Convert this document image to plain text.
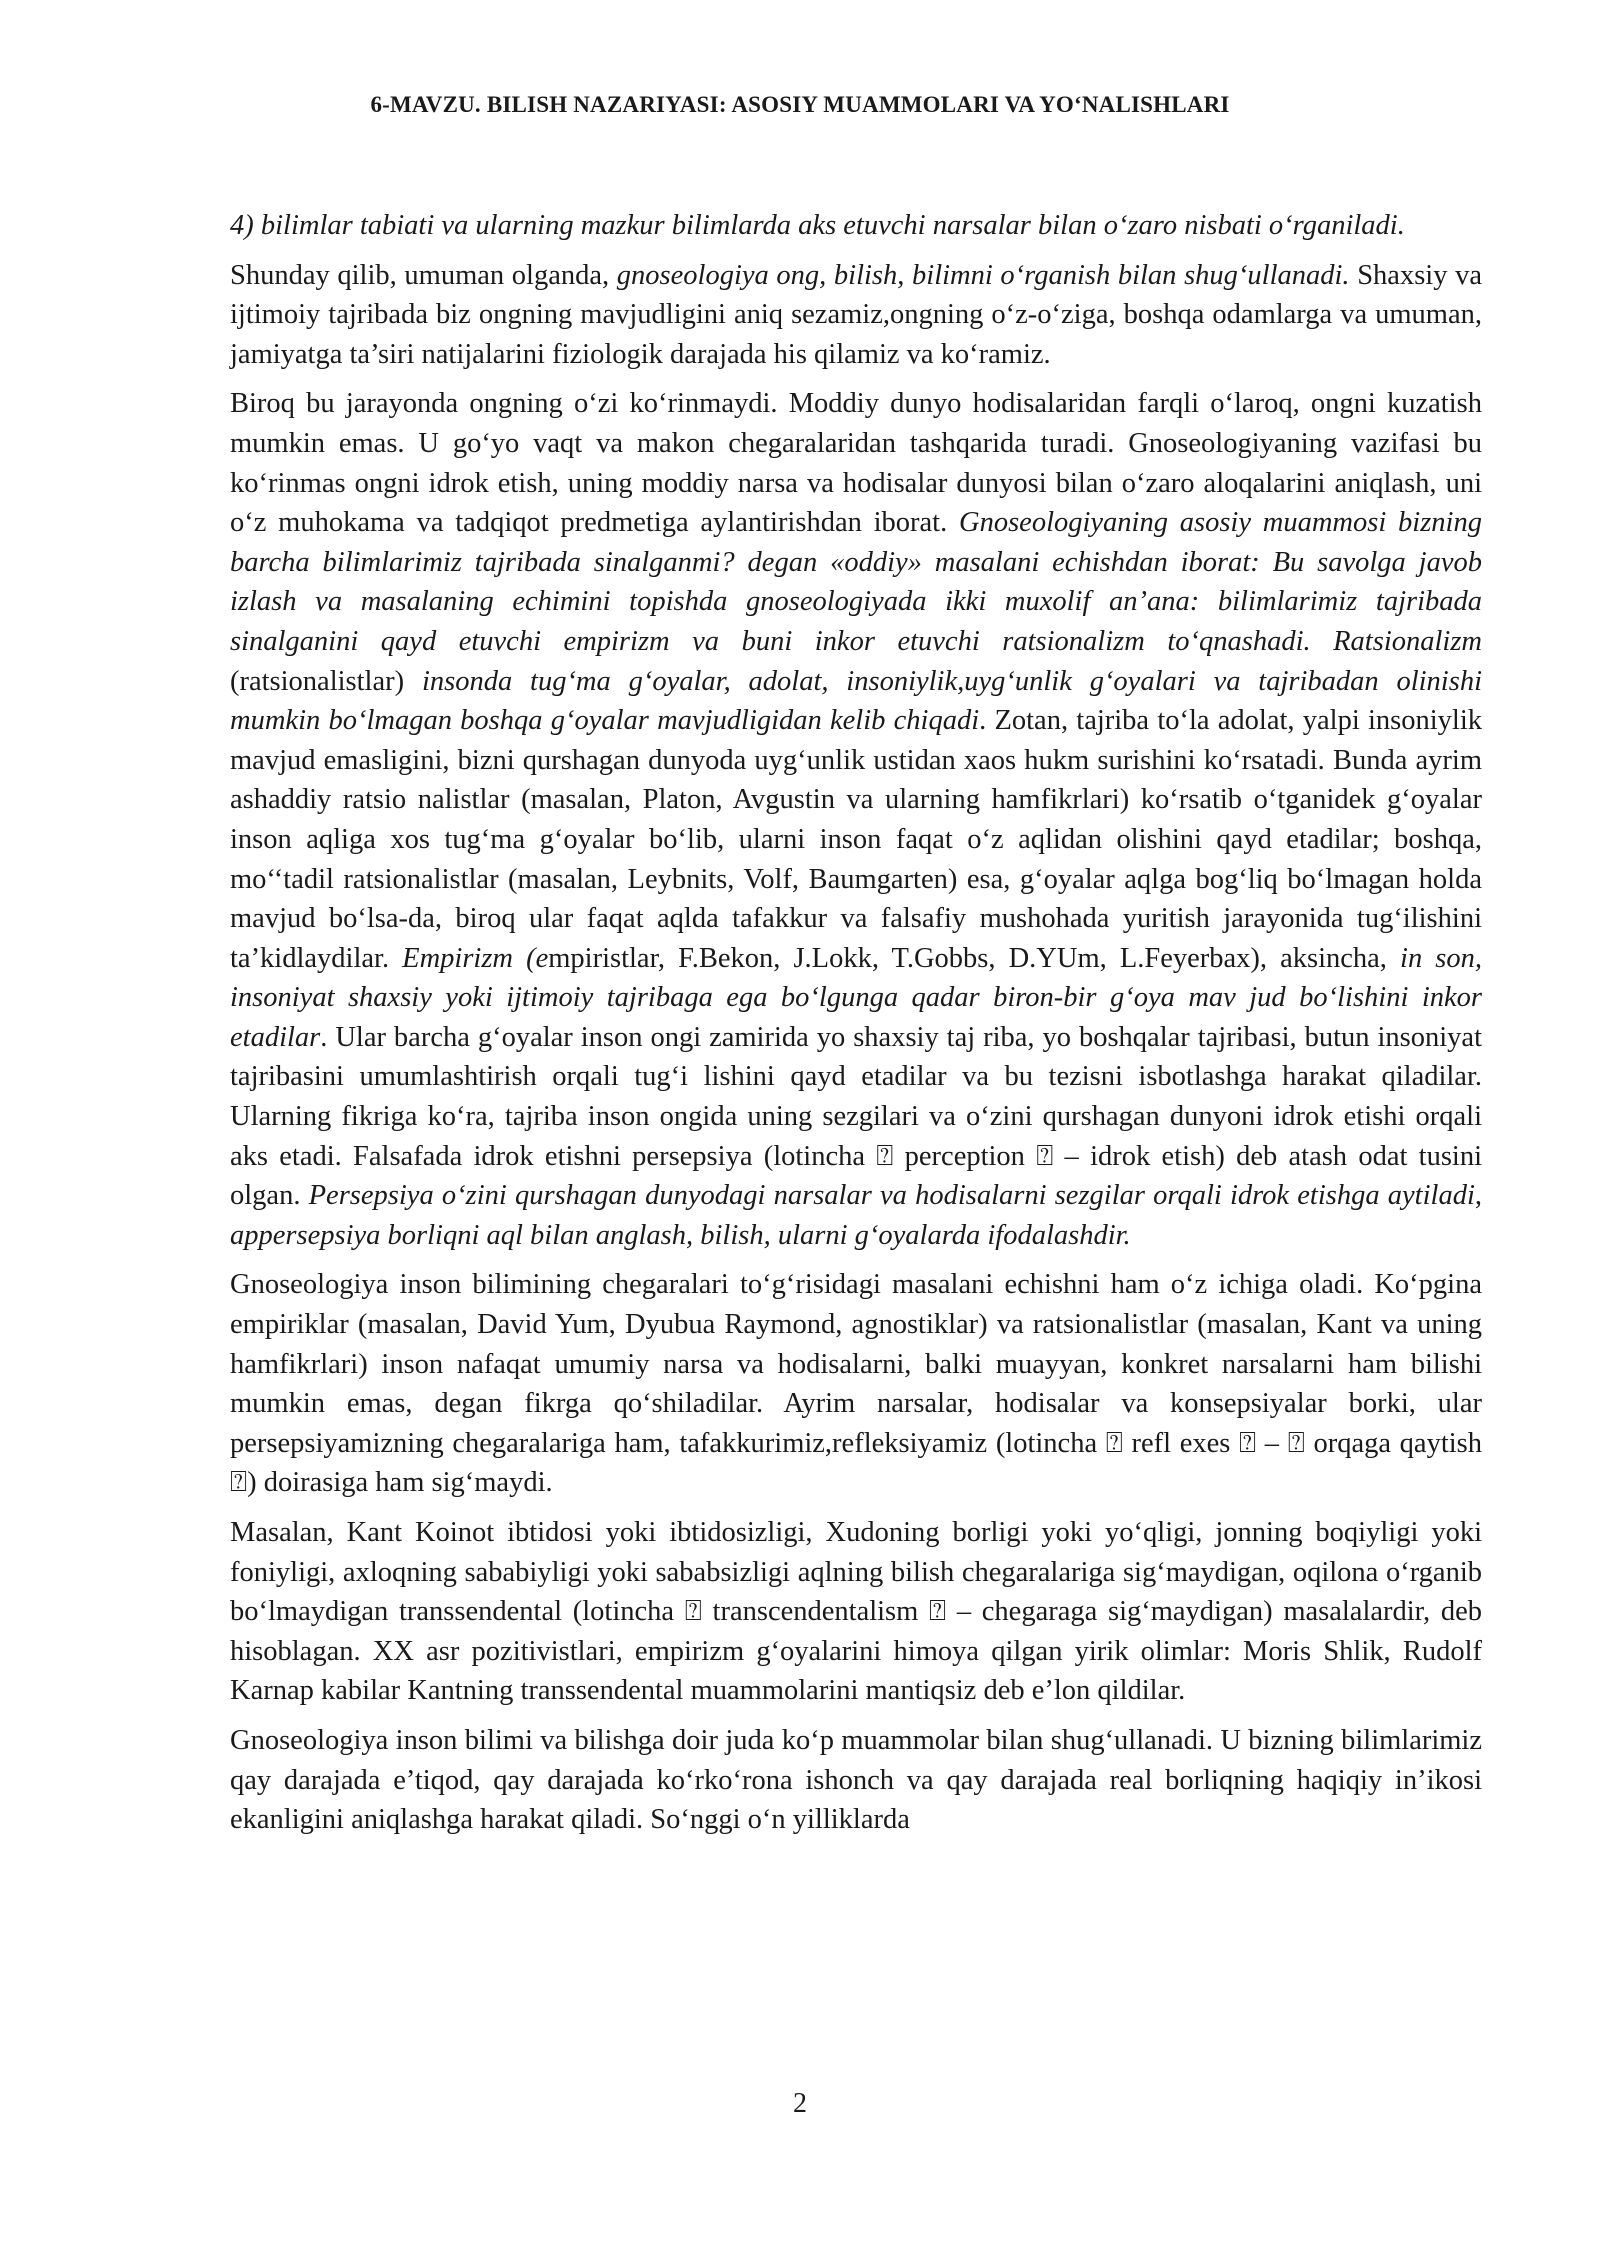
6-MAVZU. BILISH NAZARIYASI: ASOSIY MUAMMOLARI VA YO‘NALISHLARI

4) bilimlar tabiati va ularning mazkur bilimlarda aks etuvchi narsalar bilan o‘zaro nisbati o‘rganiladi.

Shunday qilib, umuman olganda, gnoseologiya ong, bilish, bilimni o‘rganish bilan shug‘ullanadi. Shaxsiy va ijtimoiy tajribada biz ongning mavjudligini aniq sezamiz,ongning o‘z-o‘ziga, boshqa odamlarga va umuman, jamiyatga ta’siri natijalarini fiziologik darajada his qilamiz va ko‘ramiz.

Biroq bu jarayonda ongning o‘zi ko‘rinmaydi. Moddiy dunyo hodisalaridan farqli o‘laroq, ongni kuzatish mumkin emas. U go‘yo vaqt va makon chegaralaridan tashqarida turadi. Gnoseologiyaning vazifasi bu ko‘rinmas ongni idrok etish, uning moddiy narsa va hodisalar dunyosi bilan o‘zaro aloqalarini aniqlash, uni o‘z muhokama va tadqiqot predmetiga aylantirishdan iborat. Gnoseologiyaning asosiy muammosi bizning barcha bilimlarimiz tajribada sinalganmi? degan «oddiy» masalani echishdan iborat: Bu savolga javob izlash va masalaning echimini topishda gnoseologiyada ikki muxolif an’ana: bilimlarimiz tajribada sinalganini qayd etuvchi empirizm va buni inkor etuvchi ratsionalizm to‘qnashadi. Ratsionalizm (ratsionalistlar) insonda tug‘ma g‘oyalar, adolat, insoniylik,uyg‘unlik g‘oyalari va tajribadan olinishi mumkin bo‘lmagan boshqa g‘oyalar mavjudligidan kelib chiqadi. Zotan, tajriba to‘la adolat, yalpi insoniylik mavjud emasligini, bizni qurshagan dunyoda uyg‘unlik ustidan xaos hukm surishini ko‘rsatadi. Bunda ayrim ashaddiy ratsio nalistlar (masalan, Platon, Avgustin va ularning hamfikrlari) ko‘rsatib o‘tganidek g‘oyalar inson aqliga xos tug‘ma g‘oyalar bo‘lib, ularni inson faqat o‘z aqlidan olishini qayd etadilar; boshqa, mo‘‘tadil ratsionalistlar (masalan, Leybnits, Volf, Baumgarten) esa, g‘oyalar aqlga bog‘liq bo‘lmagan holda mavjud bo‘lsa-da, biroq ular faqat aqlda tafakkur va falsafiy mushohada yuritish jarayonida tug‘ilishini ta’kidlaydilar. Empirizm (empiristlar, F.Bekon, J.Lokk, T.Gobbs, D.YUm, L.Feyerbax), aksincha, in son, insoniyat shaxsiy yoki ijtimoiy tajribaga ega bo‘lgunga qadar biron-bir g‘oya mav jud bo‘lishini inkor etadilar. Ular barcha g‘oyalar inson ongi zamirida yo shaxsiy taj riba, yo boshqalar tajribasi, butun insoniyat tajribasini umumlashtirish orqali tug‘i lishini qayd etadilar va bu tezisni isbotlashga harakat qiladilar. Ularning fikriga ko‘ra, tajriba inson ongida uning sezgilari va o‘zini qurshagan dunyoni idrok etishi orqali aks etadi. Falsafada idrok etishni persepsiya (lotincha ⍰ perception ⍰ – idrok etish) deb atash odat tusini olgan. Persepsiya o‘zini qurshagan dunyodagi narsalar va hodisalarni sezgilar orqali idrok etishga aytiladi, appersepsiya borliqni aql bilan anglash, bilish, ularni g‘oyalarda ifodalashdir.

Gnoseologiya inson bilimining chegaralari to‘g‘risidagi masalani echishni ham o‘z ichiga oladi. Ko‘pgina empiriklar (masalan, David Yum, Dyubua Raymond, agnostiklar) va ratsionalistlar (masalan, Kant va uning hamfikrlari) inson nafaqat umumiy narsa va hodisalarni, balki muayyan, konkret narsalarni ham bilishi mumkin emas, degan fikrga qo‘shiladilar. Ayrim narsalar, hodisalar va konsepsiyalar borki, ular persepsiyamizning chegaralariga ham, tafakkurimiz,refleksiyamiz (lotincha ⍰ refl exes ⍰ – ⍰ orqaga qaytish ⍰) doirasiga ham sig‘maydi.

Masalan, Kant Koinot ibtidosi yoki ibtidosizligi, Xudoning borligi yoki yo‘qligi, jonning boqiyligi yoki foniyligi, axloqning sababiyligi yoki sababsizligi aqlning bilish chegaralariga sig‘maydigan, oqilona o‘rganib bo‘lmaydigan transsendental (lotincha ⍰ transcendentalism ⍰ – chegaraga sig‘maydigan) masalalardir, deb hisoblagan. XX asr pozitivistlari, empirizm g‘oyalarini himoya qilgan yirik olimlar: Moris Shlik, Rudolf Karnap kabilar Kantning transsendental muammolarini mantiqsiz deb e’lon qildilar.

Gnoseologiya inson bilimi va bilishga doir juda ko‘p muammolar bilan shug‘ullanadi. U bizning bilimlarimiz qay darajada e’tiqod, qay darajada ko‘rko‘rona ishonch va qay darajada real borliqning haqiqiy in’ikosi ekanligini aniqlashga harakat qiladi. So‘nggi o‘n yilliklarda

2
